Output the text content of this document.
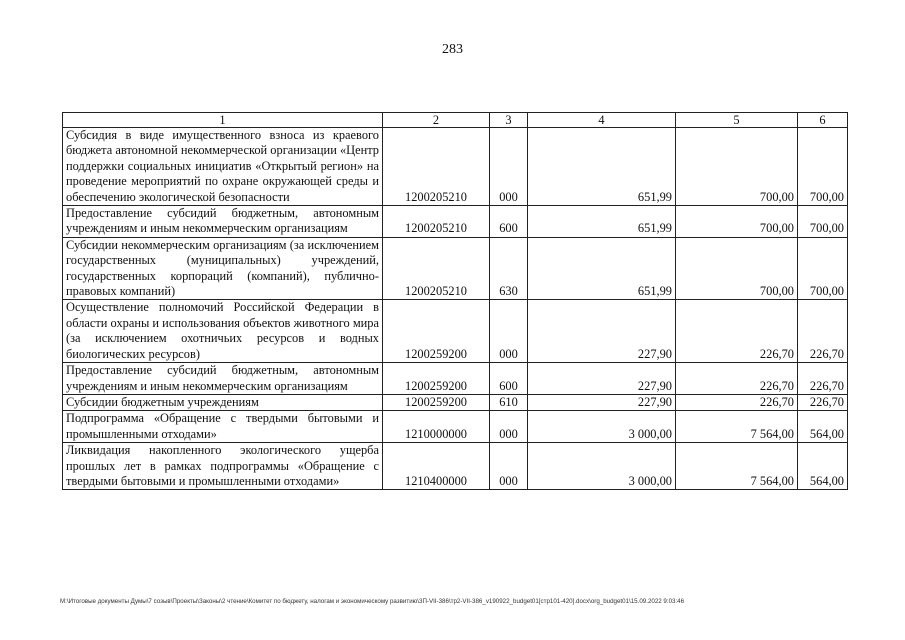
283
1	2	3	4	5	6
Субсидия в виде имущественного взноса из краевого бюджета автономной некоммерческой организации «Центр поддержки социальных инициатив «Открытый регион» на проведение мероприятий по охране окружающей среды и обеспечению экологической безопасности	1200205210	000	651,99	700,00	700,00
Предоставление субсидий бюджетным, автономным учреждениям и иным некоммерческим организациям	1200205210	600	651,99	700,00	700,00
Субсидии некоммерческим организациям (за исключением государственных (муниципальных) учреждений, государственных корпораций (компаний), публично-правовых компаний)	1200205210	630	651,99	700,00	700,00
Осуществление полномочий Российской Федерации в области охраны и использования объектов животного мира (за исключением охотничьих ресурсов и водных биологических ресурсов)	1200259200	000	227,90	226,70	226,70
Предоставление субсидий бюджетным, автономным учреждениям и иным некоммерческим организациям	1200259200	600	227,90	226,70	226,70
Субсидии бюджетным учреждениям	1200259200	610	227,90	226,70	226,70
Подпрограмма «Обращение с твердыми бытовыми и промышленными отходами»	1210000000	000	3 000,00	7 564,00	564,00
Ликвидация накопленного экологического ущерба прошлых лет в рамках подпрограммы «Обращение с твердыми бытовыми и промышленными отходами»	1210400000	000	3 000,00	7 564,00	564,00
M:\Итоговые документы Думы\7 созыв\Проекты\Законы\2 чтение\Комитет по бюджету, налогам и экономическому развитию\3П-VII-386\тр2-VII-386_v190922_budget01[стр101-420].docx\org_budget01\15.09.2022 9:03:46
